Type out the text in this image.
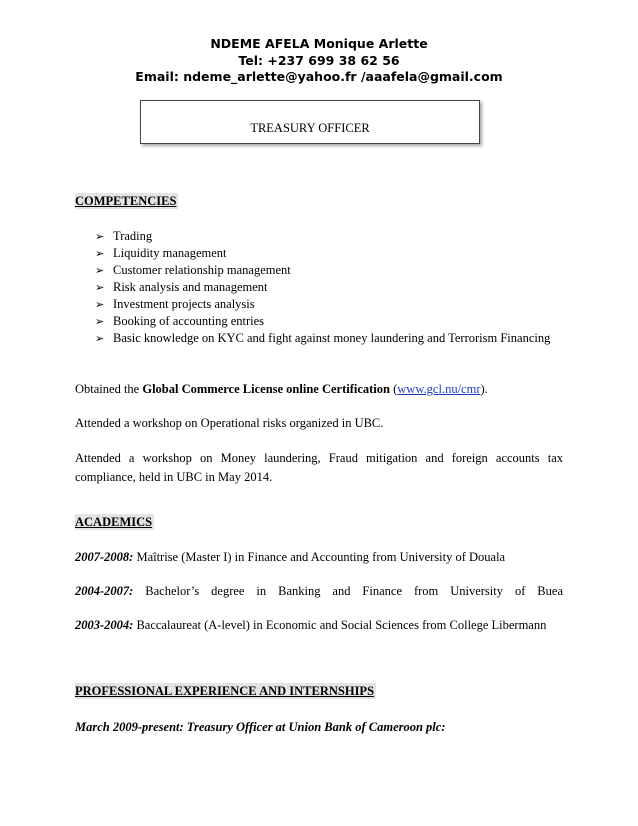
NDEME AFELA Monique Arlette
Tel: +237 699 38 62 56
Email: ndeme_arlette@yahoo.fr /aaafela@gmail.com
TREASURY OFFICER
COMPETENCIES
➢ Trading
➢ Liquidity management
➢ Customer relationship management
➢ Risk analysis and management
➢ Investment projects analysis
➢ Booking of accounting entries
➢ Basic knowledge on KYC and fight against money laundering and Terrorism Financing

Obtained the Global Commerce License online Certification (www.gcl.nu/cmr).

Attended a workshop on Operational risks organized in UBC.

Attended a workshop on Money laundering, Fraud mitigation and foreign accounts tax compliance, held in UBC in May 2014.

ACADEMICS

2007-2008: Maîtrise (Master I) in Finance and Accounting from University of Douala

2004-2007: Bachelor’s degree in Banking and Finance from University of Buea

2003-2004: Baccalaureat (A-level) in Economic and Social Sciences from College Libermann

PROFESSIONAL EXPERIENCE AND INTERNSHIPS

March 2009-present: Treasury Officer at Union Bank of Cameroon plc:
